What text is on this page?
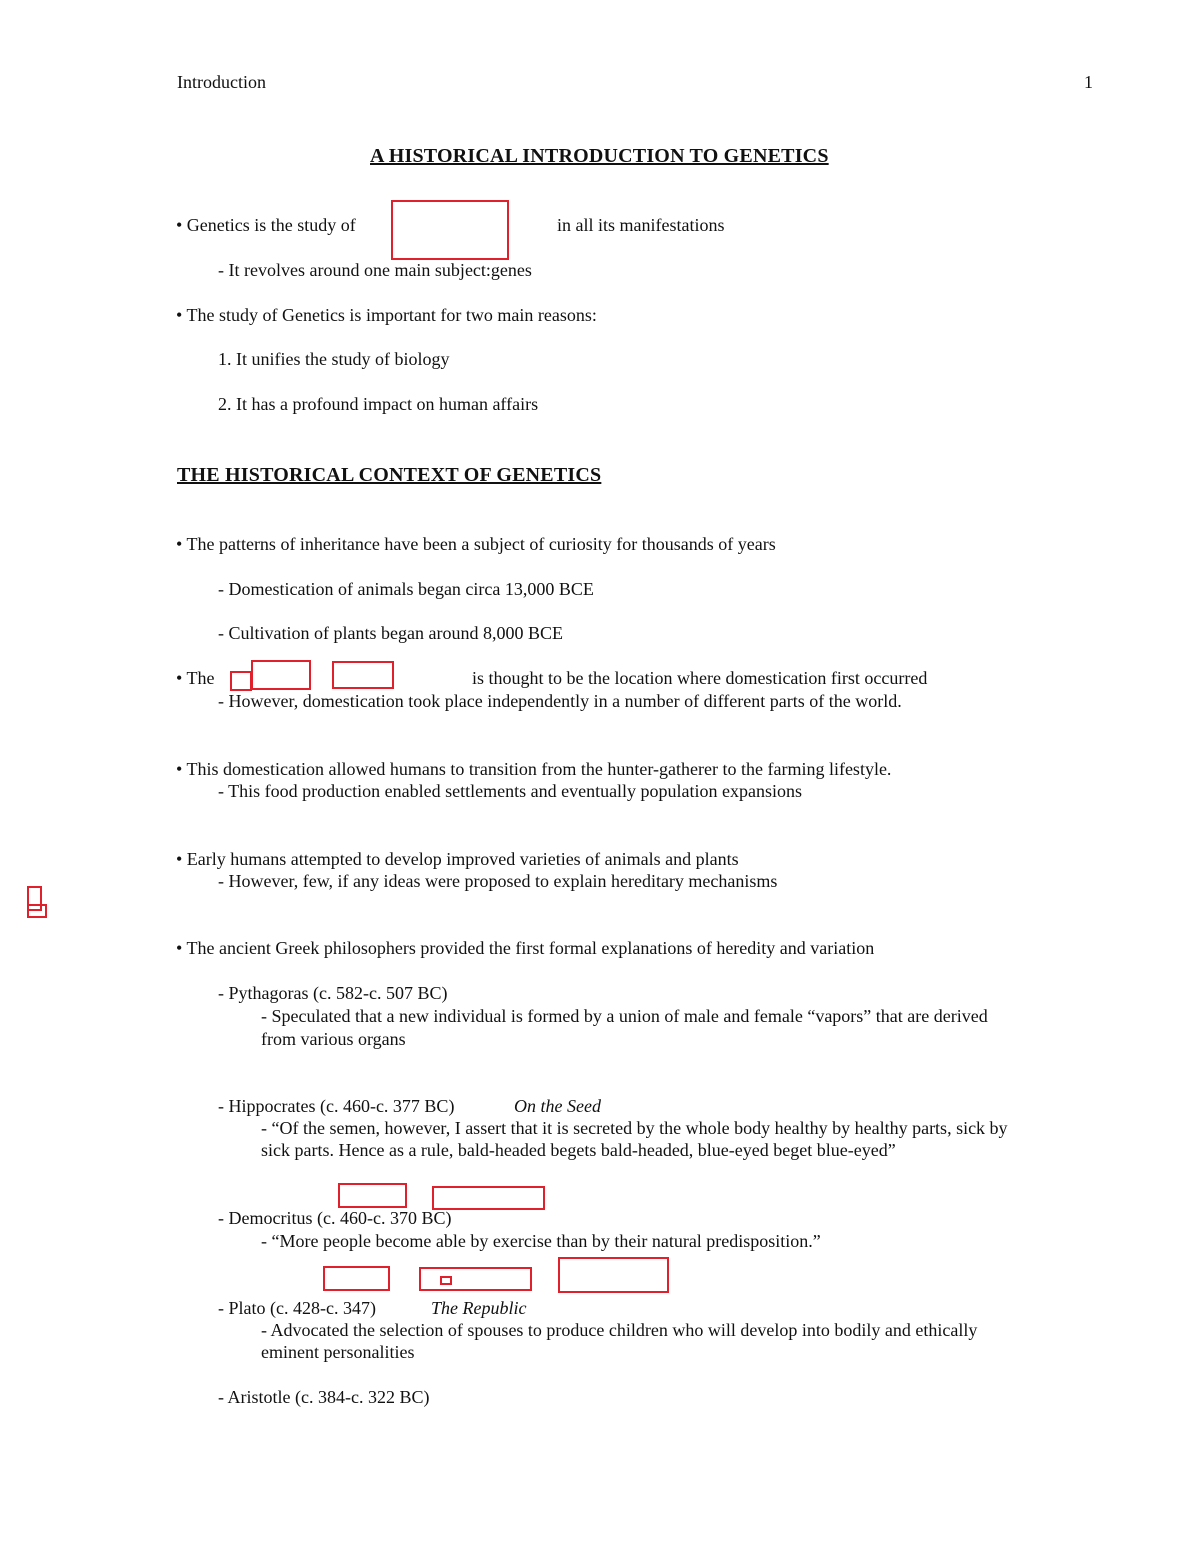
Introduction	1
A HISTORICAL INTRODUCTION TO GENETICS
• Genetics is the study of	in all its manifestations
- It revolves around one main subject:genes
• The study of Genetics is important for two main reasons:
1. It unifies the study of biology
2. It has a profound impact on human affairs
THE HISTORICAL CONTEXT OF GENETICS
• The patterns of inheritance have been a subject of curiosity for thousands of years
- Domestication of animals began circa 13,000 BCE
- Cultivation of plants began around 8,000 BCE
• The	is thought to be the location where domestication first occurred
- However, domestication took place independently in a number of different parts of the world.
• This domestication allowed humans to transition from the hunter-gatherer to the farming lifestyle.
- This food production enabled settlements and eventually population expansions
• Early humans attempted to develop improved varieties of animals and plants
- However, few, if any ideas were proposed to explain hereditary mechanisms
• The ancient Greek philosophers provided the first formal explanations of heredity and variation
- Pythagoras (c. 582-c. 507 BC)
- Speculated that a new individual is formed by a union of male and female “vapors” that are derived
from various organs
- Hippocrates (c. 460-c. 377 BC)	On the Seed
- “Of the semen, however, I assert that it is secreted by the whole body healthy by healthy parts, sick by
sick parts. Hence as a rule, bald-headed begets bald-headed, blue-eyed beget blue-eyed”
- Democritus (c. 460-c. 370 BC)
- “More people become able by exercise than by their natural predisposition.”
- Plato (c. 428-c. 347)	The Republic
- Advocated the selection of spouses to produce children who will develop into bodily and ethically
eminent personalities
- Aristotle (c. 384-c. 322 BC)
